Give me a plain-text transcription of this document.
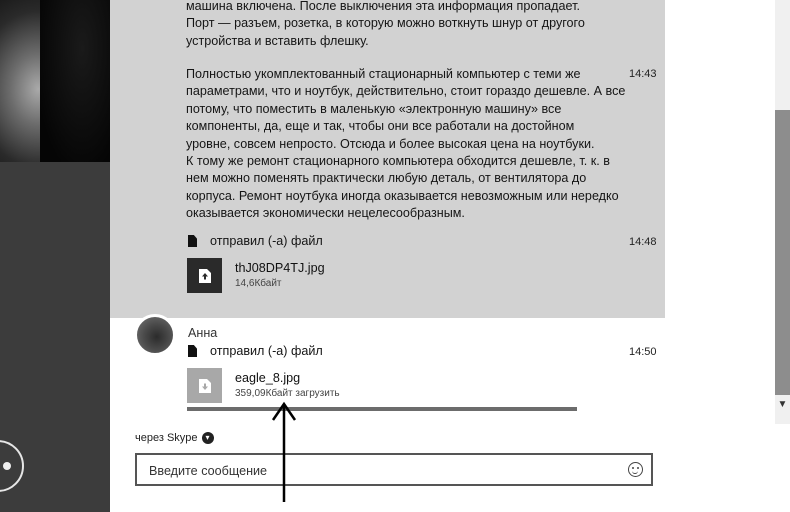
▼
машина включена. После выключения эта информация пропадает.
Порт — разъем, розетка, в которую можно воткнуть шнур от другого
устройства и вставить флешку.
Полностью укомплектованный стационарный компьютер с теми же
параметрами, что и ноутбук, действительно, стоит гораздо дешевле. А все
потому, что поместить в маленькую «электронную машину» все
компоненты, да, еще и так, чтобы они все работали на достойном
уровне, совсем непросто. Отсюда и более высокая цена на ноутбуки.
К тому же ремонт стационарного компьютера обходится дешевле, т. к. в
нем можно поменять практически любую деталь, от вентилятора до
корпуса. Ремонт ноутбука иногда оказывается невозможным или нередко
оказывается экономически нецелесообразным.
14:43
отправил (-а) файл	14:48
thJ08DP4TJ.jpg
14,6Кбайт
Анна
отправил (-а) файл	14:50
eagle_8.jpg
359,09Кбайт загрузить
через Skype ▾
Введите сообщение
